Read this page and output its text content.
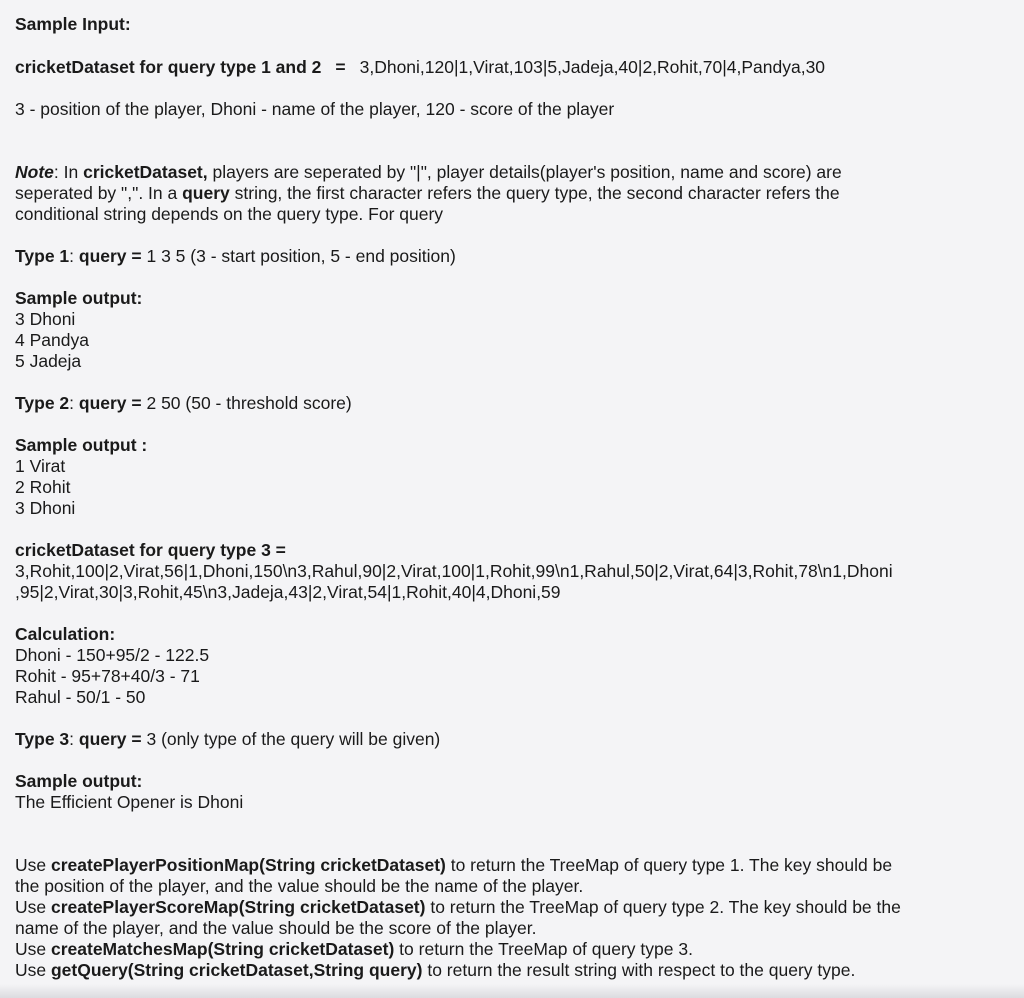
Sample Input:
cricketDataset for query type 1 and 2 = 3,Dhoni,120|1,Virat,103|5,Jadeja,40|2,Rohit,70|4,Pandya,30
3 - position of the player, Dhoni - name of the player, 120 - score of the player
Note: In cricketDataset, players are seperated by "|", player details(player's position, name and score) are
seperated by ",". In a query string, the first character refers the query type, the second character refers the
conditional string depends on the query type. For query
Type 1: query = 1 3 5 (3 - start position, 5 - end position)
Sample output:
3 Dhoni
4 Pandya
5 Jadeja
Type 2: query = 2 50 (50 - threshold score)
Sample output :
1 Virat
2 Rohit
3 Dhoni
cricketDataset for query type 3 =
3,Rohit,100|2,Virat,56|1,Dhoni,150\n3,Rahul,90|2,Virat,100|1,Rohit,99\n1,Rahul,50|2,Virat,64|3,Rohit,78\n1,Dhoni
,95|2,Virat,30|3,Rohit,45\n3,Jadeja,43|2,Virat,54|1,Rohit,40|4,Dhoni,59
Calculation:
Dhoni - 150+95/2 - 122.5
Rohit - 95+78+40/3 - 71
Rahul - 50/1 - 50
Type 3: query = 3 (only type of the query will be given)
Sample output:
The Efficient Opener is Dhoni
Use createPlayerPositionMap(String cricketDataset) to return the TreeMap of query type 1. The key should be
the position of the player, and the value should be the name of the player.
Use createPlayerScoreMap(String cricketDataset) to return the TreeMap of query type 2. The key should be the
name of the player, and the value should be the score of the player.
Use createMatchesMap(String cricketDataset) to return the TreeMap of query type 3.
Use getQuery(String cricketDataset,String query) to return the result string with respect to the query type.
